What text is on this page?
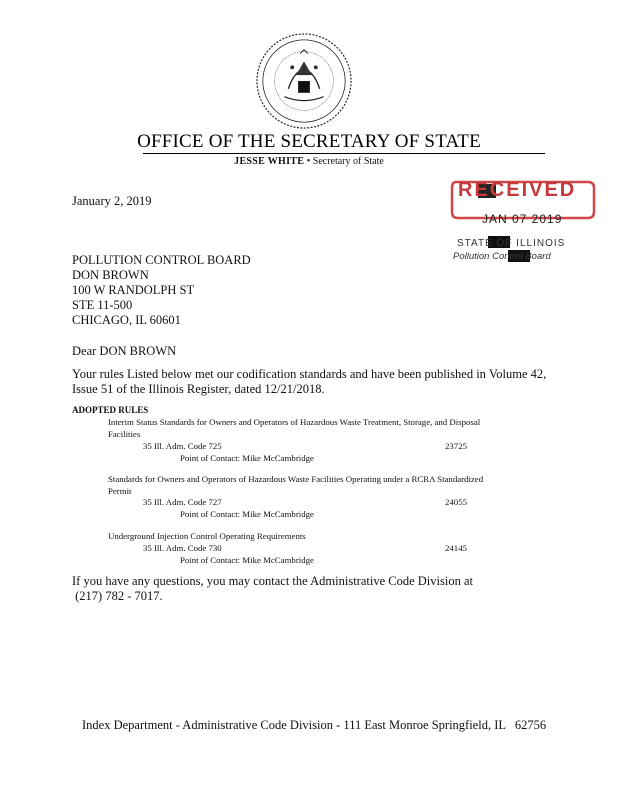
OFFICE OF THE SECRETARY OF STATE
JESSE WHITE • Secretary of State
RECEIVED
JAN 07 2019
STATE OF ILLINOIS
Pollution Control Board
January 2, 2019
POLLUTION CONTROL BOARD
DON BROWN
100 W RANDOLPH ST
STE 11-500
CHICAGO, IL 60601
Dear DON BROWN
Your rules Listed below met our codification standards and have been published in Volume 42,
Issue 51 of the Illinois Register, dated 12/21/2018.
ADOPTED RULES
Interim Status Standards for Owners and Operators of Hazardous Waste Treatment, Storage, and Disposal
Facilities
35 Ill. Adm. Code 725	23725
Point of Contact: Mike McCambridge
Standards for Owners and Operators of Hazardous Waste Facilities Operating under a RCRA Standardized
Permit
35 Ill. Adm. Code 727	24055
Point of Contact: Mike McCambridge
Underground Injection Control Operating Requirements
35 Ill. Adm. Code 730	24145
Point of Contact: Mike McCambridge
If you have any questions, you may contact the Administrative Code Division at
(217) 782 - 7017.
Index Department - Administrative Code Division - 111 East Monroe Springfield, IL   62756
